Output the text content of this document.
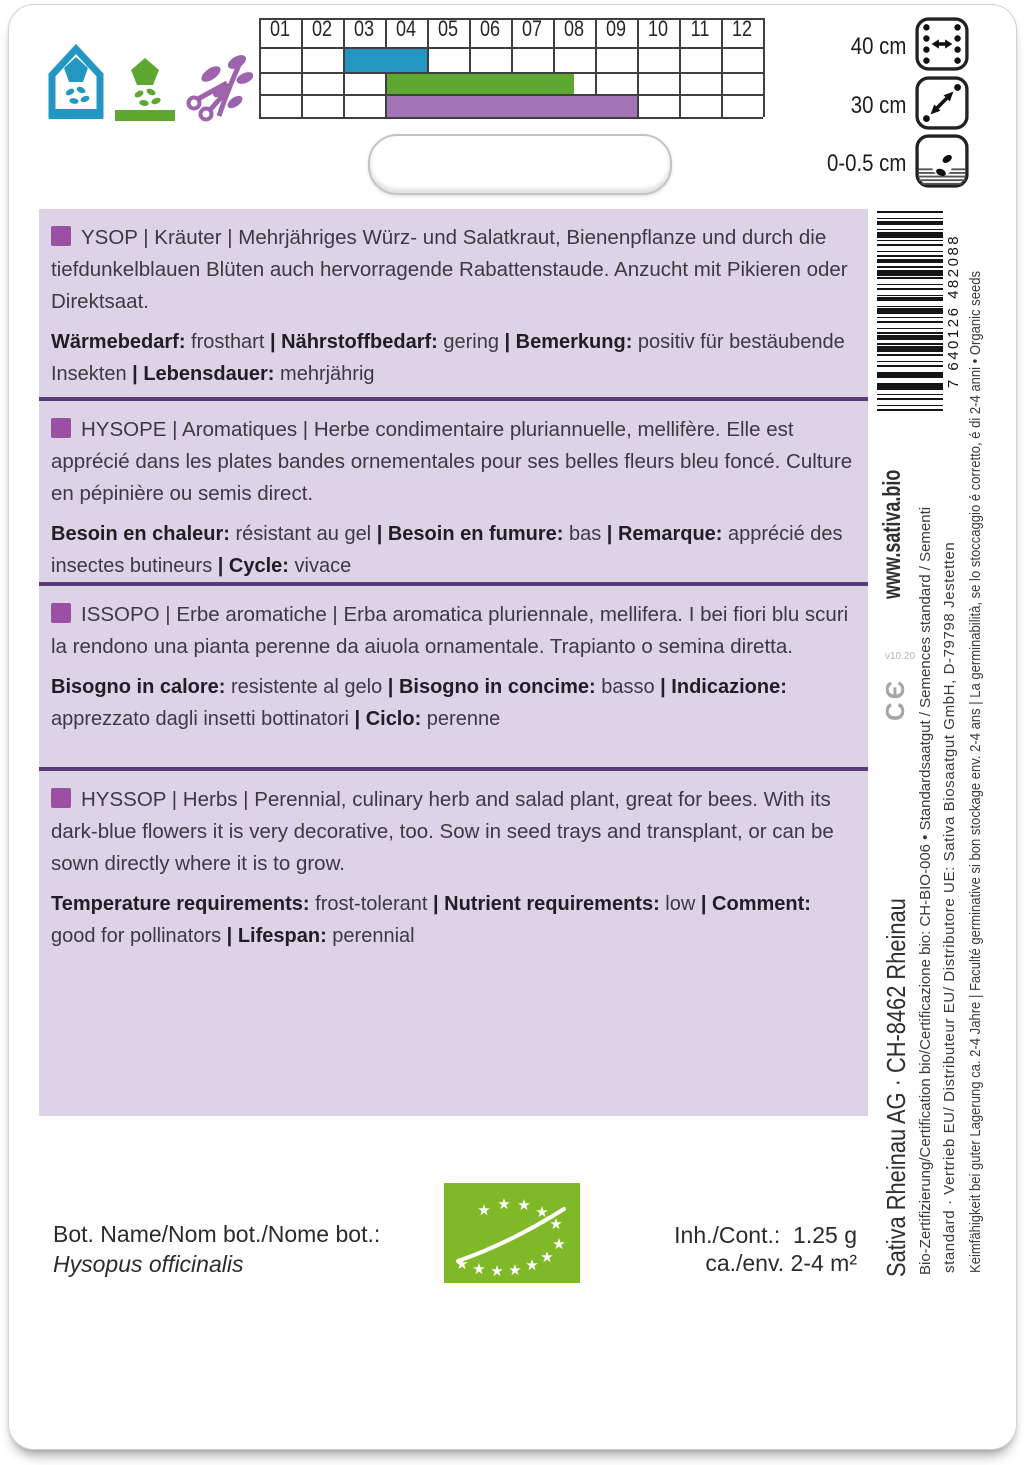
01 02 03 04 05 06 07 08 09 10	11	12
40 cm
30 cm
0-0.5 cm

YSOP | Kräuter | Mehrjähriges Würz- und Salatkraut, Bienenpflanze und durch die tiefdunkelblauen Blüten auch hervorragende Rabattenstaude. Anzucht mit Pikieren oder Direktsaat.

Wärmebedarf: frosthart | Nährstoffbedarf: gering | Bemerkung: positiv für bestäubende Insekten | Lebensdauer: mehrjährig

HYSOPE | Aromatiques | Herbe condimentaire pluriannuelle, mellifère. Elle est apprécié dans les plates bandes ornementales pour ses belles fleurs bleu foncé. Culture en pépinière ou semis direct.

Besoin en chaleur: résistant au gel | Besoin en fumure: bas | Remarque: apprécié des insectes butineurs | Cycle: vivace

ISSOPO | Erbe aromatiche | Erba aromatica pluriennale, mellifera. I bei fiori blu scuri la rendono una pianta perenne da aiuola ornamentale. Trapianto o semina diretta.

Bisogno in calore: resistente al gelo | Bisogno in concime: basso | Indicazione: apprezzato dagli insetti bottinatori | Ciclo: perenne

HYSSOP | Herbs | Perennial, culinary herb and salad plant, great for bees. With its dark-blue flowers it is very decorative, too. Sow in seed trays and transplant, or can be sown directly where it is to grow.

Temperature requirements: frost-tolerant | Nutrient requirements: low | Comment: good for pollinators | Lifespan: perennial

7 640126 482088
Sativa Rheinau AG · CH-8462 Rheinau
CЄ
v10.20
www.sativa.bio Bio-Zertifizierung/Certification bio/Certificazione bio: CH-BIO-006 • Standardsaatgut / Semences standard / Sementi standard · Vertrieb EU/ Distributeur EU/ Distributore UE: Sativa Biosaatgut GmbH, D-79798 Jestetten Keimfähigkeit bei guter Lagerung ca. 2-4 Jahre | Faculté germinative si bon stockage env. 2-4 ans | La germinabilità, se lo stoccaggio é corretto, é di 2-4 anni • Organic seeds
Bot. Name/Nom bot./Nome bot.:
Hysopus officinalis	★ ★ ★ ★ ★ ★
★
★
★
★
★
★
Inh./Cont.: 1.25 g
ca./env. 2-4 m²
